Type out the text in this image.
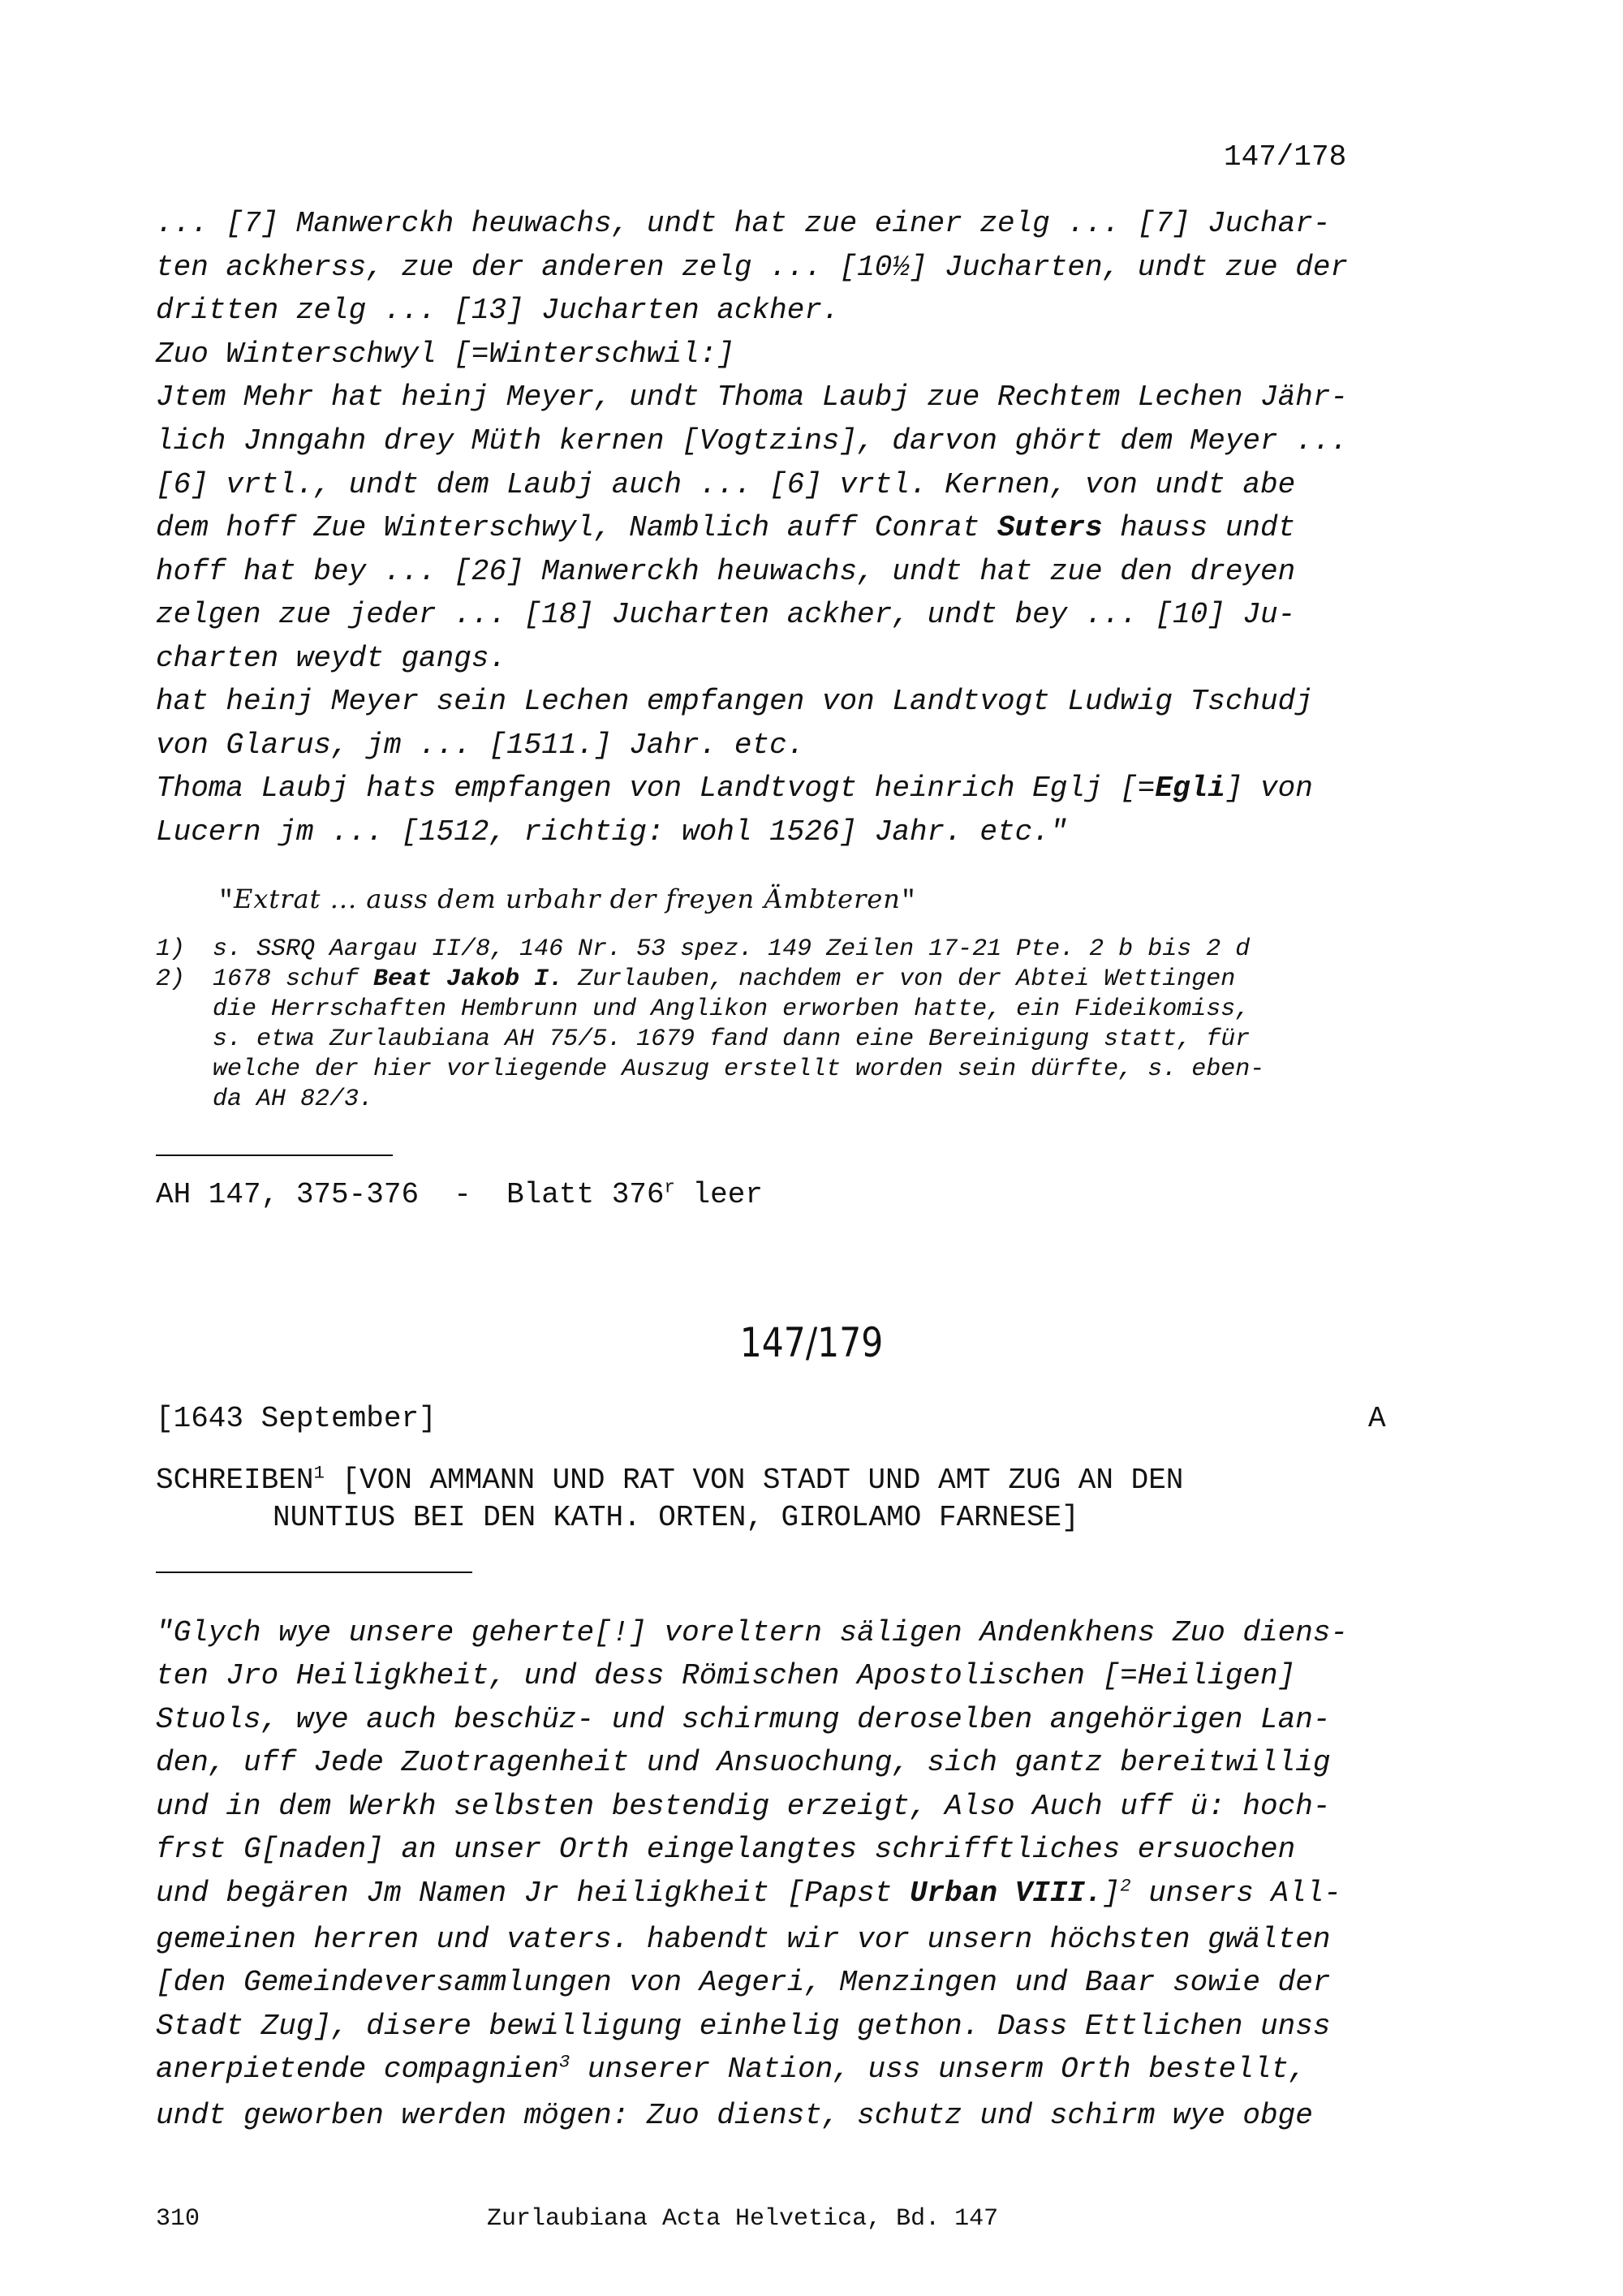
147/178
... [7] Manwerckh heuwachs, undt hat zue einer zelg ... [7] Juchar-
ten ackherss, zue der anderen zelg ... [10½] Jucharten, undt zue der
dritten zelg ... [13] Jucharten ackher.
Zuo Winterschwyl [=Winterschwil:]
Jtem Mehr hat heinj Meyer, undt Thoma Laubj zue Rechtem Lechen Jähr-
lich Jnngahn drey Müth kernen [Vogtzins], darvon ghört dem Meyer ...
[6] vrtl., undt dem Laubj auch ... [6] vrtl. Kernen, von undt abe
dem hoff Zue Winterschwyl, Namblich auff Conrat Suters hauss undt
hoff hat bey ... [26] Manwerckh heuwachs, undt hat zue den dreyen
zelgen zue jeder ... [18] Jucharten ackher, undt bey ... [10] Ju-
charten weydt gangs.
hat heinj Meyer sein Lechen empfangen von Landtvogt Ludwig Tschudj
von Glarus, jm ... [1511.] Jahr. etc.
Thoma Laubj hats empfangen von Landtvogt heinrich Eglj [=Egli] von
Lucern jm ... [1512, richtig: wohl 1526] Jahr. etc."

"Extrat ... auss dem urbahr der freyen Ämbteren"

1) s. SSRQ Aargau II/8, 146 Nr. 53 spez. 149 Zeilen 17-21 Pte. 2 b bis 2 d
2) 1678 schuf Beat Jakob I. Zurlauben, nachdem er von der Abtei Wettingen
die Herrschaften Hembrunn und Anglikon erworben hatte, ein Fideikomiss,
s. etwa Zurlaubiana AH 75/5. 1679 fand dann eine Bereinigung statt, für
welche der hier vorliegende Auszug erstellt worden sein dürfte, s. eben-
da AH 82/3.
AH 147, 375-376  -  Blatt 376$^r$ leer
147/179
[1643 September]	A
SCHREIBEN$^1$ [VON AMMANN UND RAT VON STADT UND AMT ZUG AN DEN
NUNTIUS BEI DEN KATH. ORTEN, GIROLAMO FARNESE]
"Glych wye unsere geherte[!] voreltern säligen Andenkhens Zuo diens-
ten Jro Heiligkheit, und dess Römischen Apostolischen [=Heiligen]
Stuols, wye auch beschüz- und schirmung deroselben angehörigen Lan-
den, uff Jede Zuotragenheit und Ansuochung, sich gantz bereitwillig
und in dem Werkh selbsten bestendig erzeigt, Also Auch uff ü: hoch-
frst G[naden] an unser Orth eingelangtes schrifftliches ersuochen
und begären Jm Namen Jr heiligkheit [Papst Urban VIII.]$^2$ unsers All-
gemeinen herren und vaters. habendt wir vor unsern höchsten gwälten
[den Gemeindeversammlungen von Aegeri, Menzingen und Baar sowie der
Stadt Zug], disere bewilligung einhelig gethon. Dass Ettlichen unss
anerpietende compagnien$^3$ unserer Nation, uss unserm Orth bestellt,
undt geworben werden mögen: Zuo dienst, schutz und schirm wye obge
310	Zurlaubiana Acta Helvetica, Bd. 147
